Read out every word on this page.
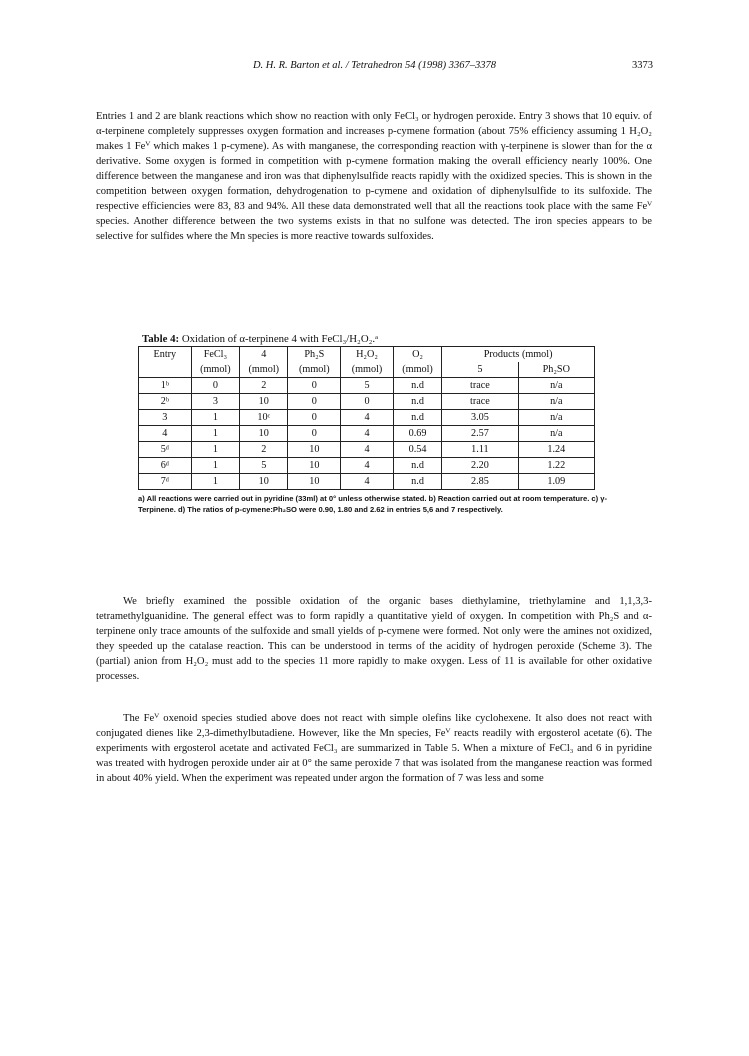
D. H. R. Barton et al. / Tetrahedron 54 (1998) 3367–3378	3373

Entries 1 and 2 are blank reactions which show no reaction with only FeCl₃ or hydrogen peroxide. Entry 3 shows that 10 equiv. of α-terpinene completely suppresses oxygen formation and increases p-cymene formation (about 75% efficiency assuming 1 H₂O₂ makes 1 Feⱽ which makes 1 p-cymene). As with manganese, the corresponding reaction with γ-terpinene is slower than for the α derivative. Some oxygen is formed in competition with p-cymene formation making the overall efficiency nearly 100%. One difference between the manganese and iron was that diphenylsulfide reacts rapidly with the oxidized species. This is shown in the competition between oxygen formation, dehydrogenation to p-cymene and oxidation of diphenylsulfide to its sulfoxide. The respective efficiencies were 83, 83 and 94%. All these data demonstrated well that all the reactions took place with the same Feⱽ species. Another difference between the two systems exists in that no sulfone was detected. The iron species appears to be selective for sulfides where the Mn species is more reactive towards sulfoxides.

Table 4: Oxidation of α-terpinene 4 with FeCl₃/H₂O₂.ᵃ
Entry	FeCl₃	4	Ph₂S	H₂O₂	O₂	Products (mmol)	
	(mmol)	(mmol)	(mmol)	(mmol)	(mmol)	5	Ph₂SO
1ᵇ	0	2	0	5	n.d	trace	n/a
2ᵇ	3	10	0	0	n.d	trace	n/a
3	1	10ᶜ	0	4	n.d	3.05	n/a
4	1	10	0	4	0.69	2.57	n/a
5ᵈ	1	2	10	4	0.54	1.11	1.24
6ᵈ	1	5	10	4	n.d	2.20	1.22
7ᵈ	1	10	10	4	n.d	2.85	1.09
a) All reactions were carried out in pyridine (33ml) at 0° unless otherwise stated. b) Reaction carried out at room temperature. c) γ-Terpinene. d) The ratios of p-cymene:Ph₂SO were 0.90, 1.80 and 2.62 in entries 5,6 and 7 respectively.

We briefly examined the possible oxidation of the organic bases diethylamine, triethylamine and 1,1,3,3-tetramethylguanidine. The general effect was to form rapidly a quantitative yield of oxygen. In competition with Ph₂S and α-terpinene only trace amounts of the sulfoxide and small yields of p-cymene were formed. Not only were the amines not oxidized, they speeded up the catalase reaction. This can be understood in terms of the acidity of hydrogen peroxide (Scheme 3). The (partial) anion from H₂O₂ must add to the species 11 more rapidly to make oxygen. Less of 11 is available for other oxidative processes.

The Feⱽ oxenoid species studied above does not react with simple olefins like cyclohexene. It also does not react with conjugated dienes like 2,3-dimethylbutadiene. However, like the Mn species, Feⱽ reacts readily with ergosterol acetate (6). The experiments with ergosterol acetate and activated FeCl₃ are summarized in Table 5. When a mixture of FeCl₃ and 6 in pyridine was treated with hydrogen peroxide under air at 0° the same peroxide 7 that was isolated from the manganese reaction was formed in about 40% yield. When the experiment was repeated under argon the formation of 7 was less and some
